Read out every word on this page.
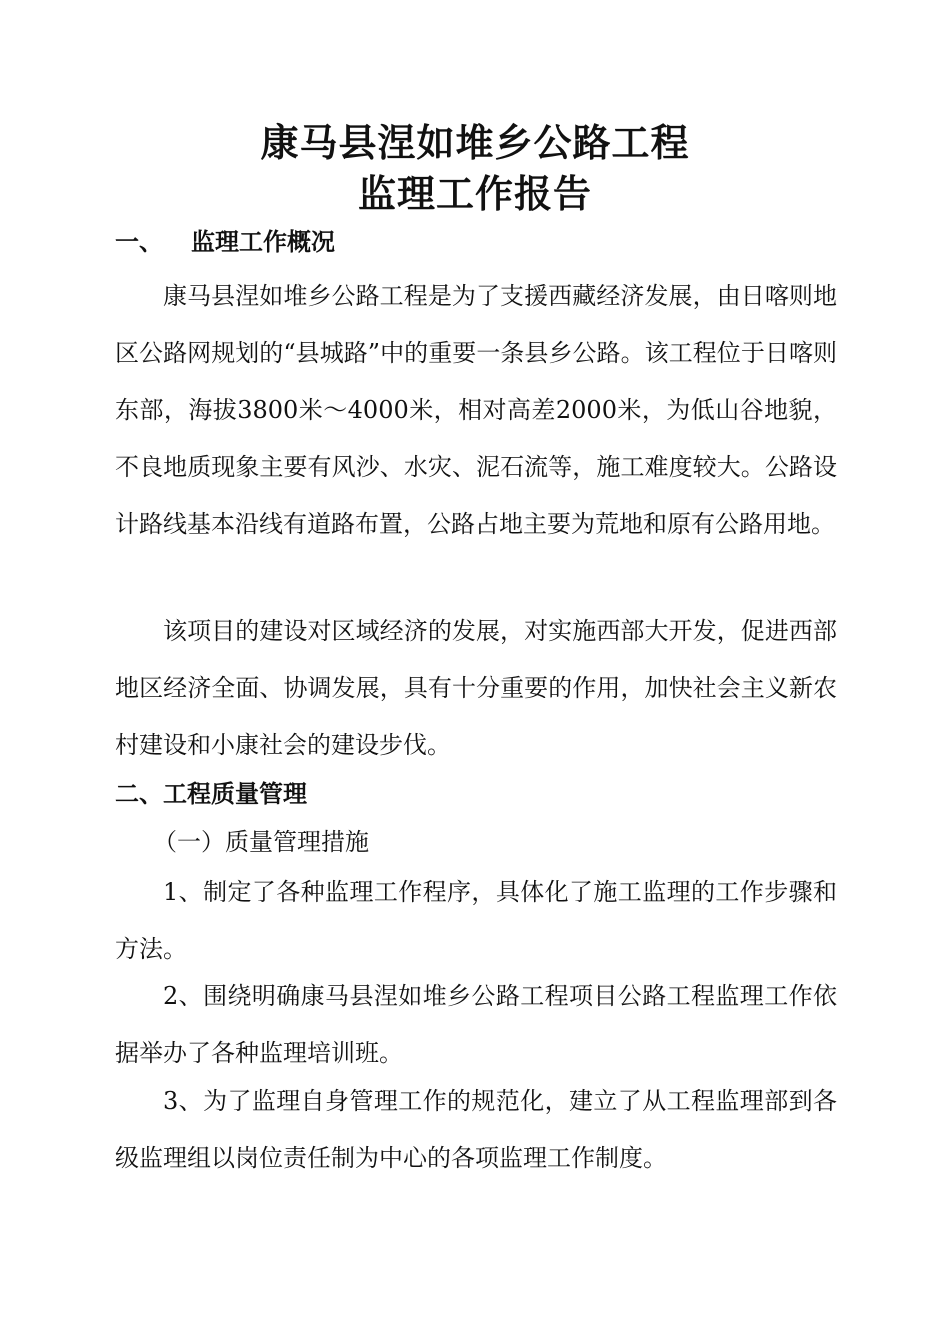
康马县涅如堆乡公路工程
监理工作报告
一、 监理工作概况

康马县涅如堆乡公路工程是为了支援西藏经济发展，由日喀则地区公路网规划的“县城路”中的重要一条县乡公路。该工程位于日喀则东部，海拔3800米～4000米，相对高差2000米，为低山谷地貌，不良地质现象主要有风沙、水灾、泥石流等，施工难度较大。公路设计路线基本沿线有道路布置，公路占地主要为荒地和原有公路用地。

该项目的建设对区域经济的发展，对实施西部大开发，促进西部地区经济全面、协调发展，具有十分重要的作用，加快社会主义新农村建设和小康社会的建设步伐。

二、工程质量管理

（一）质量管理措施

1、制定了各种监理工作程序，具体化了施工监理的工作步骤和方法。

2、围绕明确康马县涅如堆乡公路工程项目公路工程监理工作依据举办了各种监理培训班。

3、为了监理自身管理工作的规范化，建立了从工程监理部到各级监理组以岗位责任制为中心的各项监理工作制度。
